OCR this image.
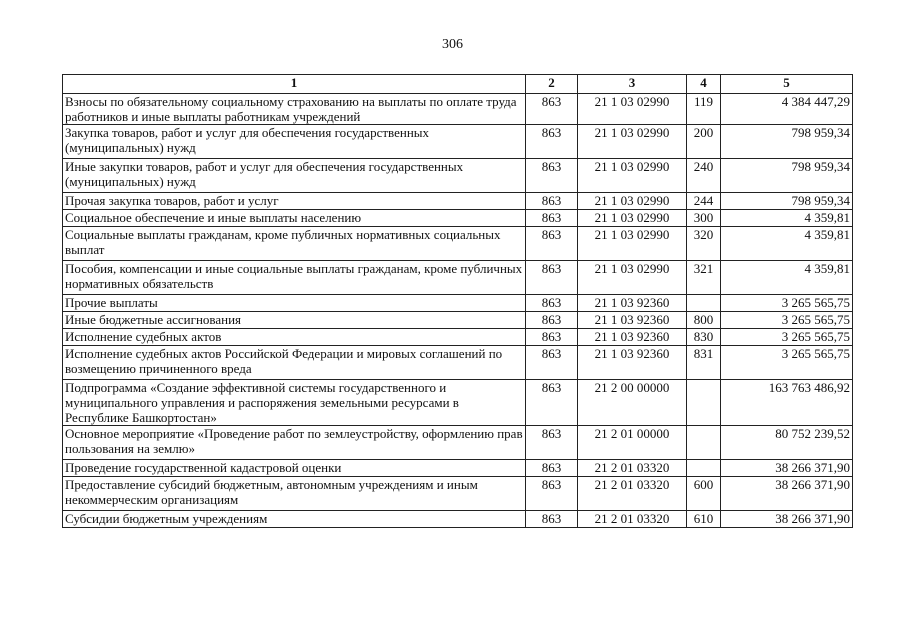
306
1	2	3	4	5
Взносы по обязательному социальному страхованию на выплаты по оплате труда работников и иные выплаты работникам учреждений	863	21 1 03 02990	119	4 384 447,29
Закупка товаров, работ и услуг для обеспечения государственных (муниципальных) нужд	863	21 1 03 02990	200	798 959,34
Иные закупки товаров, работ и услуг для обеспечения государственных (муниципальных) нужд	863	21 1 03 02990	240	798 959,34
Прочая закупка товаров, работ и услуг	863	21 1 03 02990	244	798 959,34
Социальное обеспечение и иные выплаты населению	863	21 1 03 02990	300	4 359,81
Социальные выплаты гражданам, кроме публичных нормативных социальных выплат	863	21 1 03 02990	320	4 359,81
Пособия, компенсации и иные социальные выплаты гражданам, кроме публичных нормативных обязательств	863	21 1 03 02990	321	4 359,81
Прочие выплаты	863	21 1 03 92360		3 265 565,75
Иные бюджетные ассигнования	863	21 1 03 92360	800	3 265 565,75
Исполнение судебных актов	863	21 1 03 92360	830	3 265 565,75
Исполнение судебных актов Российской Федерации и мировых соглашений по возмещению причиненного вреда	863	21 1 03 92360	831	3 265 565,75
Подпрограмма «Создание эффективной системы государственного и муниципального управления и распоряжения земельными ресурсами в Республике Башкортостан»	863	21 2 00 00000		163 763 486,92
Основное мероприятие «Проведение работ по землеустройству, оформлению прав пользования на землю»	863	21 2 01 00000		80 752 239,52
Проведение государственной кадастровой оценки	863	21 2 01 03320		38 266 371,90
Предоставление субсидий бюджетным, автономным учреждениям и иным некоммерческим организациям	863	21 2 01 03320	600	38 266 371,90
Субсидии бюджетным учреждениям	863	21 2 01 03320	610	38 266 371,90
